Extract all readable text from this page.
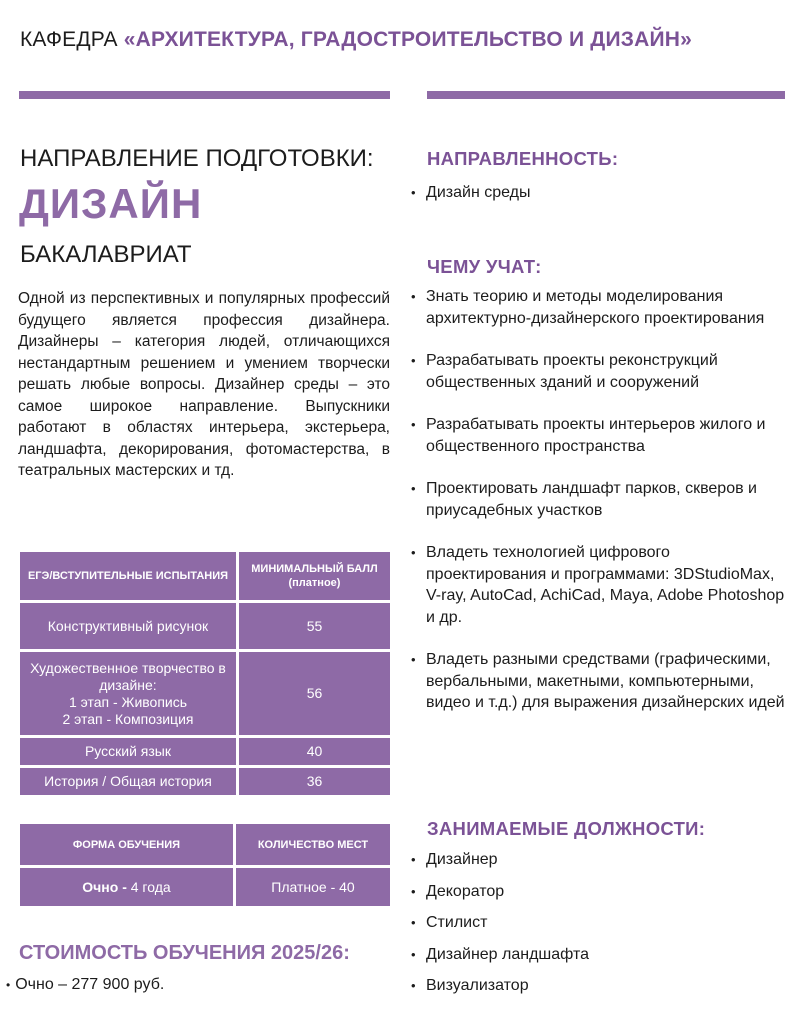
КАФЕДРА «АРХИТЕКТУРА, ГРАДОСТРОИТЕЛЬСТВО И ДИЗАЙН»
НАПРАВЛЕНИЕ ПОДГОТОВКИ:
ДИЗАЙН
БАКАЛАВРИАТ
Одной из перспективных и популярных профессий будущего является профессия дизайнера. Дизайнеры – категория людей, отличающихся нестандартным решением и умением творчески решать любые вопросы. Дизайнер среды – это самое широкое направление. Выпускники работают в областях интерьера, экстерьера, ландшафта, декорирования, фотомастерства, в театральных мастерских и тд.
ЕГЭ/ВСТУПИТЕЛЬНЫЕ ИСПЫТАНИЯ	МИНИМАЛЬНЫЙ БАЛЛ (платное)
Конструктивный рисунок	55
Художественное творчество в дизайне:
1 этап - Живопись
2 этап - Композиция	56
Русский язык	40
История / Общая история	36
ФОРМА ОБУЧЕНИЯ	КОЛИЧЕСТВО МЕСТ
Очно - 4 года	Платное - 40
СТОИМОСТЬ ОБУЧЕНИЯ 2025/26:
• Очно – 277 900 руб.
НАПРАВЛЕННОСТЬ:
• Дизайн среды
ЧЕМУ УЧАТ:
• Знать теорию и методы моделирования архитектурно-дизайнерского проектирования
• Разрабатывать проекты реконструкций общественных зданий и сооружений
• Разрабатывать проекты интерьеров жилого и общественного пространства
• Проектировать ландшафт парков, скверов и приусадебных участков
• Владеть технологией цифрового проектирования и программами: 3DStudioMax, V-ray, AutoCad, AchiCad, Maya, Adobe Photoshop и др.
• Владеть разными средствами (графическими, вербальными, макетными, компьютерными, видео и т.д.) для выражения дизайнерских идей
ЗАНИМАЕМЫЕ ДОЛЖНОСТИ:
• Дизайнер
• Декоратор
• Стилист
• Дизайнер ландшафта
• Визуализатор
